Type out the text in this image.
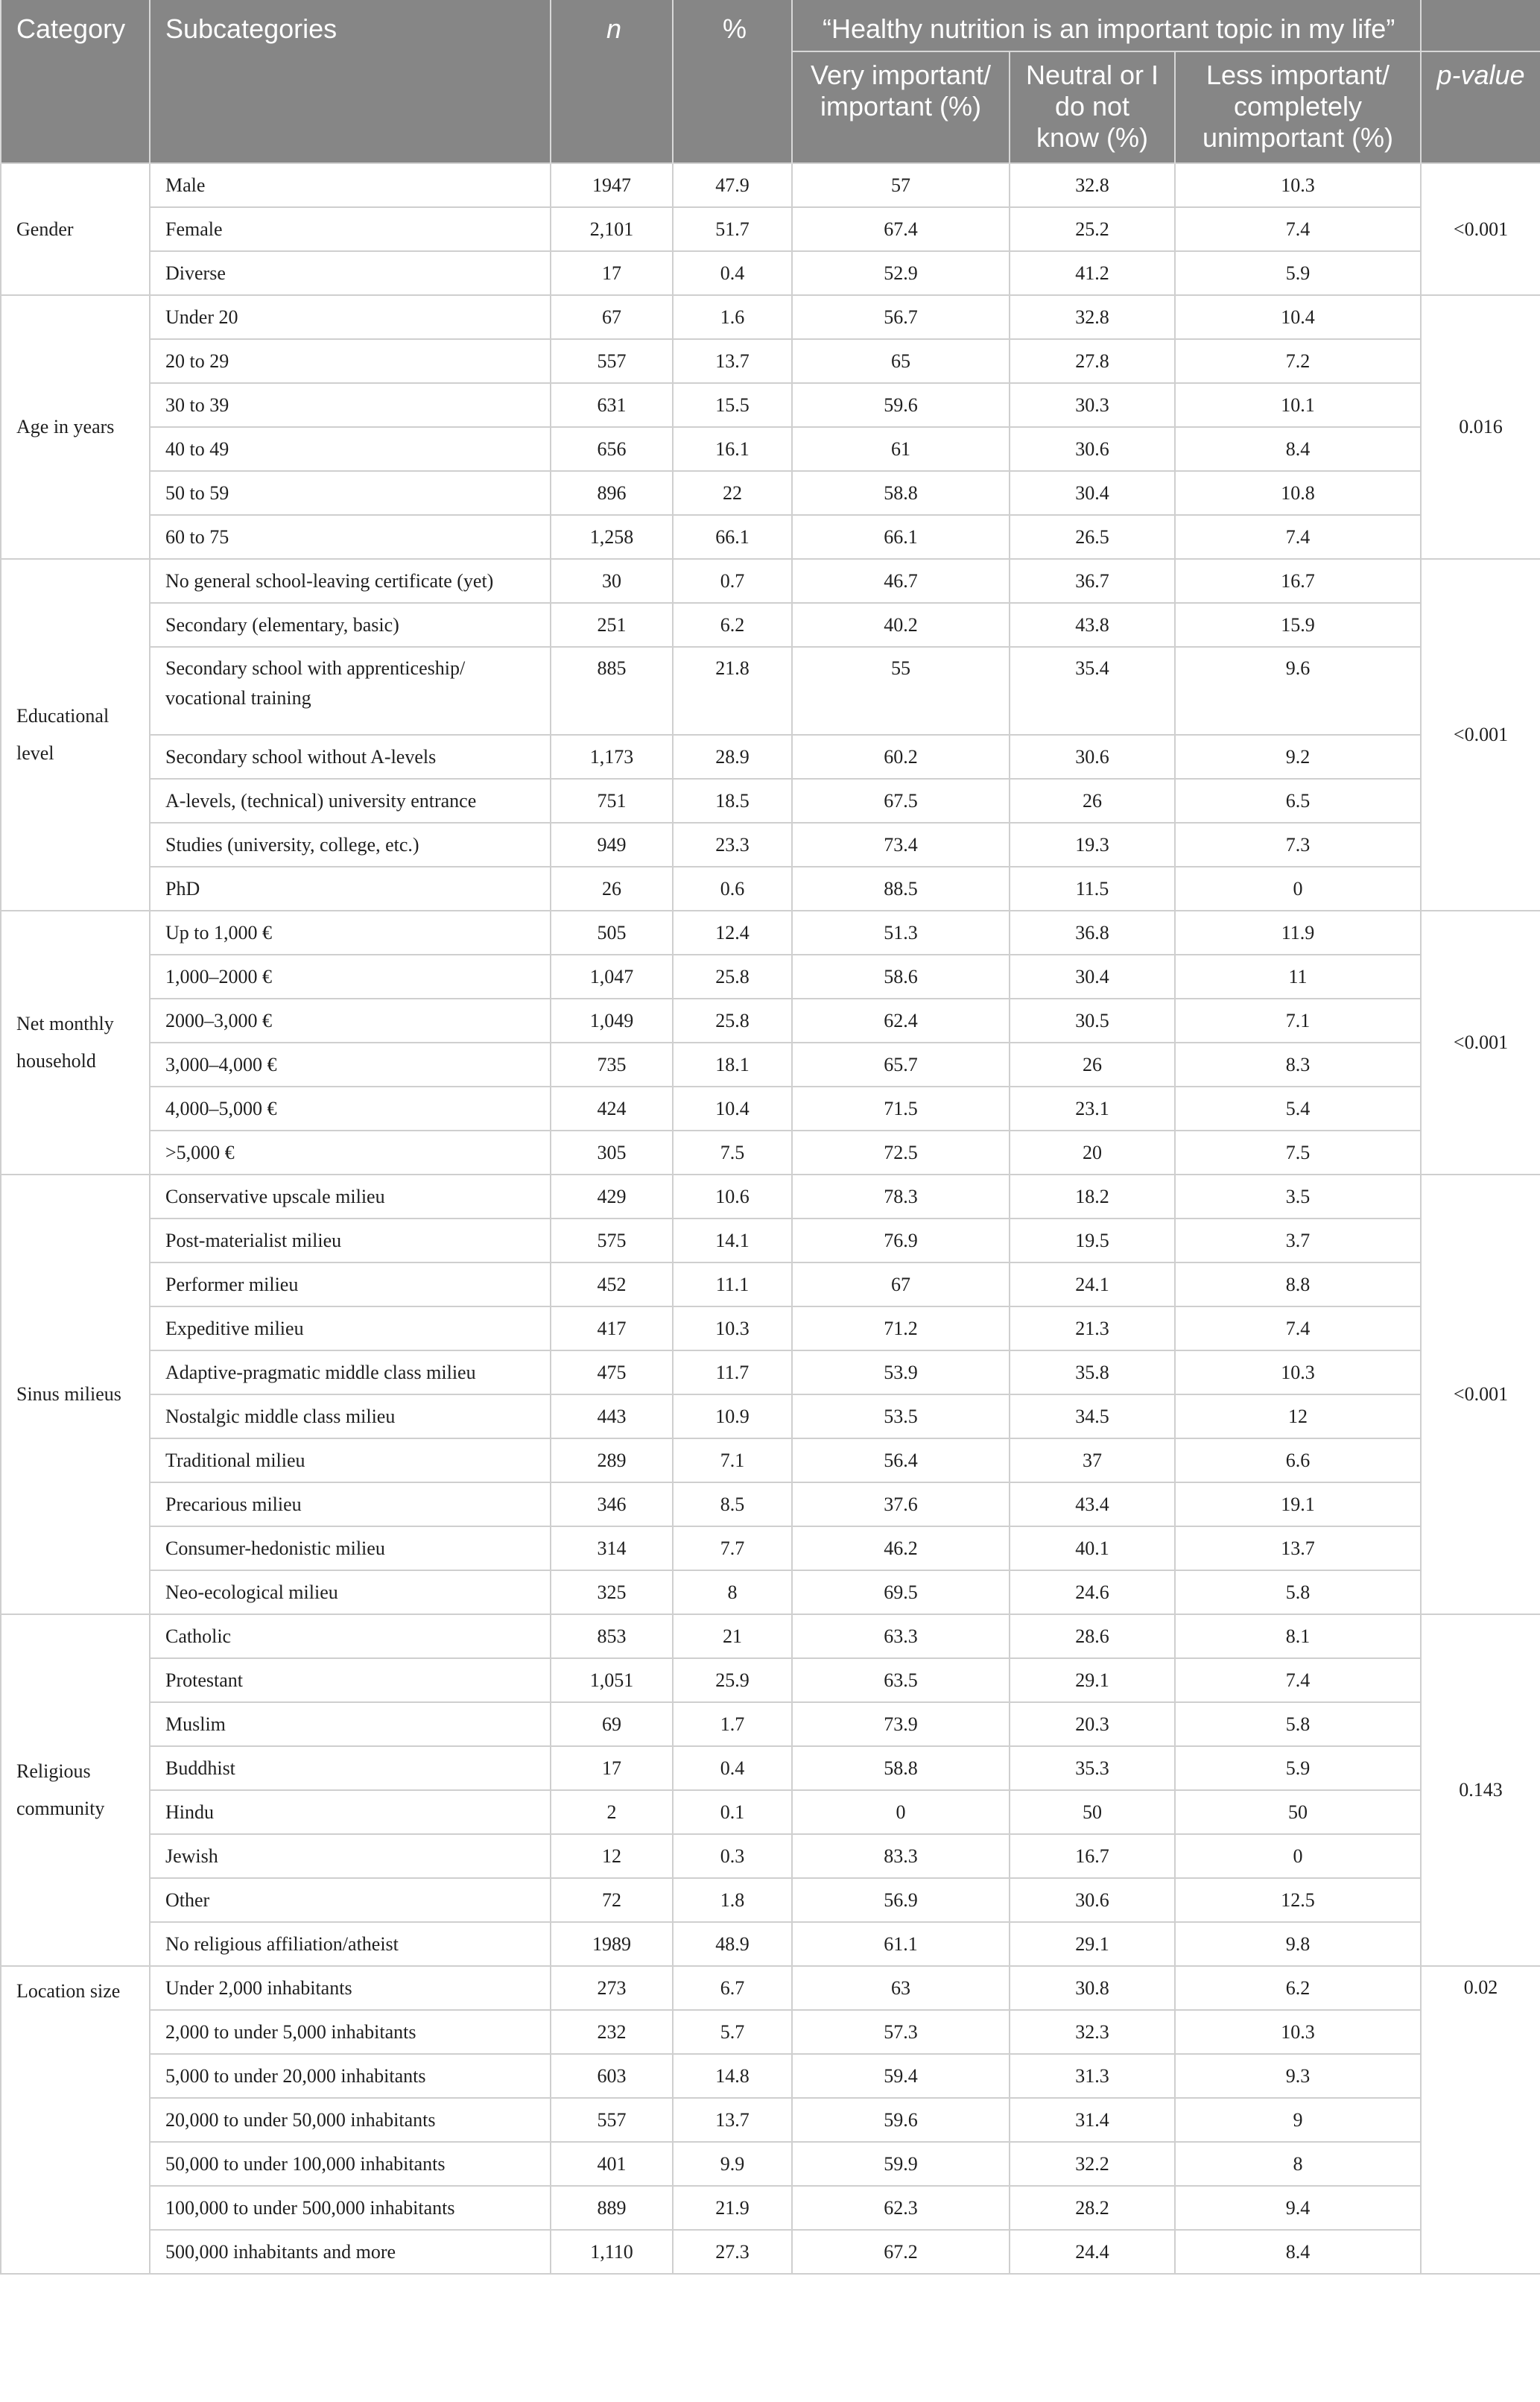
Category	Subcategories	n	%	“Healthy nutrition is an important topic in my life”			
				Very important/ important (%)	Neutral or I do not know (%)	Less important/ completely unimportant (%)	p-value
Gender	Male	1947	47.9	57	32.8	10.3	<0.001
	Female	2,101	51.7	67.4	25.2	7.4	
	Diverse	17	0.4	52.9	41.2	5.9	
Age in years	Under 20	67	1.6	56.7	32.8	10.4	0.016
	20 to 29	557	13.7	65	27.8	7.2	
	30 to 39	631	15.5	59.6	30.3	10.1	
	40 to 49	656	16.1	61	30.6	8.4	
	50 to 59	896	22	58.8	30.4	10.8	
	60 to 75	1,258	66.1	66.1	26.5	7.4	
Educational level	No general school-leaving certificate (yet)	30	0.7	46.7	36.7	16.7	<0.001
	Secondary (elementary, basic)	251	6.2	40.2	43.8	15.9	
	Secondary school with apprenticeship/ vocational training	885	21.8	55	35.4	9.6	
	Secondary school without A-levels	1,173	28.9	60.2	30.6	9.2	
	A-levels, (technical) university entrance	751	18.5	67.5	26	6.5	
	Studies (university, college, etc.)	949	23.3	73.4	19.3	7.3	
	PhD	26	0.6	88.5	11.5	0	
Net monthly household	Up to 1,000 €	505	12.4	51.3	36.8	11.9	<0.001
	1,000–2000 €	1,047	25.8	58.6	30.4	11	
	2000–3,000 €	1,049	25.8	62.4	30.5	7.1	
	3,000–4,000 €	735	18.1	65.7	26	8.3	
	4,000–5,000 €	424	10.4	71.5	23.1	5.4	
	>5,000 €	305	7.5	72.5	20	7.5	
Sinus milieus	Conservative upscale milieu	429	10.6	78.3	18.2	3.5	<0.001
	Post-materialist milieu	575	14.1	76.9	19.5	3.7	
	Performer milieu	452	11.1	67	24.1	8.8	
	Expeditive milieu	417	10.3	71.2	21.3	7.4	
	Adaptive-pragmatic middle class milieu	475	11.7	53.9	35.8	10.3	
	Nostalgic middle class milieu	443	10.9	53.5	34.5	12	
	Traditional milieu	289	7.1	56.4	37	6.6	
	Precarious milieu	346	8.5	37.6	43.4	19.1	
	Consumer-hedonistic milieu	314	7.7	46.2	40.1	13.7	
	Neo-ecological milieu	325	8	69.5	24.6	5.8	
Religious community	Catholic	853	21	63.3	28.6	8.1	0.143
	Protestant	1,051	25.9	63.5	29.1	7.4	
	Muslim	69	1.7	73.9	20.3	5.8	
	Buddhist	17	0.4	58.8	35.3	5.9	
	Hindu	2	0.1	0	50	50	
	Jewish	12	0.3	83.3	16.7	0	
	Other	72	1.8	56.9	30.6	12.5	
	No religious affiliation/atheist	1989	48.9	61.1	29.1	9.8	
Location size	Under 2,000 inhabitants	273	6.7	63	30.8	6.2	0.02
	2,000 to under 5,000 inhabitants	232	5.7	57.3	32.3	10.3	
	5,000 to under 20,000 inhabitants	603	14.8	59.4	31.3	9.3	
	20,000 to under 50,000 inhabitants	557	13.7	59.6	31.4	9	
	50,000 to under 100,000 inhabitants	401	9.9	59.9	32.2	8	
	100,000 to under 500,000 inhabitants	889	21.9	62.3	28.2	9.4	
	500,000 inhabitants and more	1,110	27.3	67.2	24.4	8.4	
